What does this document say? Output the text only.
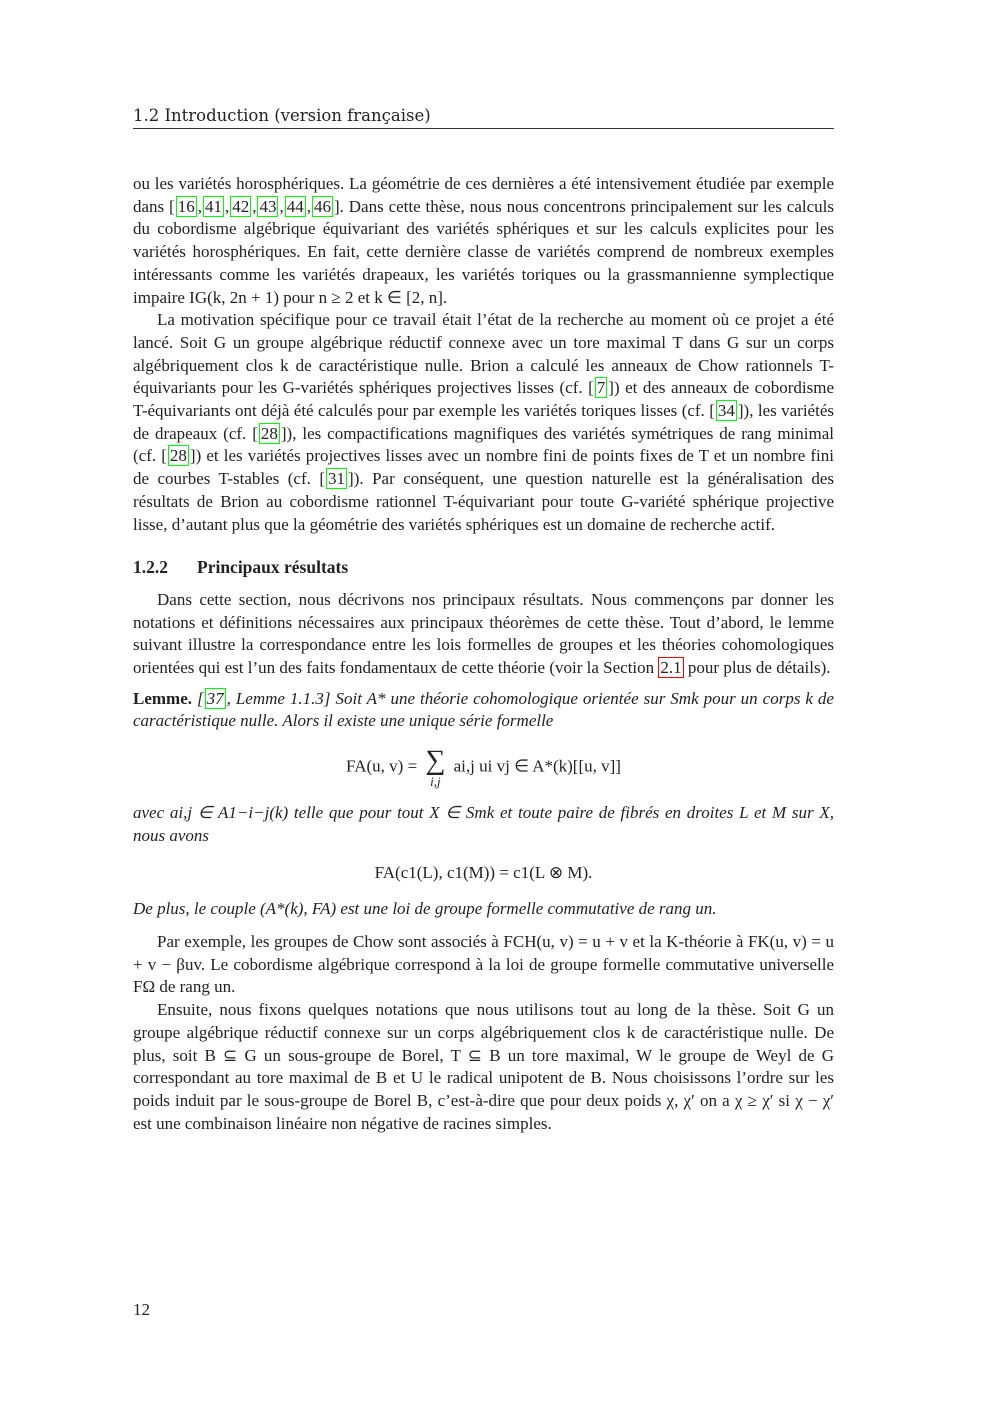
1.2 Introduction (version française)

ou les variétés horosphériques. La géométrie de ces dernières a été intensivement étudiée par exemple dans [ 16 , 41 , 42 , 43 , 44 , 46 ]. Dans cette thèse, nous nous concentrons principalement sur les calculs du cobordisme algébrique équivariant des variétés sphériques et sur les calculs explicites pour les variétés horosphériques. En fait, cette dernière classe de variétés comprend de nombreux exemples intéressants comme les variétés drapeaux, les variétés toriques ou la grassmannienne symplectique impaire IG(k, 2n + 1) pour n ≥ 2 et k ∈ [2, n].

La motivation spécifique pour ce travail était l’état de la recherche au moment où ce projet a été lancé. Soit G un groupe algébrique réductif connexe avec un tore maximal T dans G sur un corps algébriquement clos k de caractéristique nulle. Brion a calculé les anneaux de Chow rationnels T-équivariants pour les G-variétés sphériques projectives lisses (cf. [ 7 ]) et des anneaux de cobordisme T-équivariants ont déjà été calculés pour par exemple les variétés toriques lisses (cf. [ 34 ]), les variétés de drapeaux (cf. [ 28 ]), les compactifications magnifiques des variétés symétriques de rang minimal (cf. [ 28 ]) et les variétés projectives lisses avec un nombre fini de points fixes de T et un nombre fini de courbes T-stables (cf. [ 31 ]). Par conséquent, une question naturelle est la généralisation des résultats de Brion au cobordisme rationnel T-équivariant pour toute G-variété sphérique projective lisse, d’autant plus que la géométrie des variétés sphériques est un domaine de recherche actif.

1.2.2 Principaux résultats

Dans cette section, nous décrivons nos principaux résultats. Nous commençons par donner les notations et définitions nécessaires aux principaux théorèmes de cette thèse. Tout d’abord, le lemme suivant illustre la correspondance entre les lois formelles de groupes et les théories cohomologiques orientées qui est l’un des faits fondamentaux de cette théorie (voir la Section 2.1 pour plus de détails).

Lemme. [ 37 , Lemme 1.1.3] Soit A* une théorie cohomologique orientée sur Smk pour un corps k de caractéristique nulle. Alors il existe une unique série formelle

FA(u, v) = ∑
i,j
ai,j ui vj ∈ A*(k)[[u, v]]

avec ai,j ∈ A1−i−j(k) telle que pour tout X ∈ Smk et toute paire de fibrés en droites L et M sur X, nous avons

FA(c1(L), c1(M)) = c1(L ⊗ M).

De plus, le couple (A*(k), FA) est une loi de groupe formelle commutative de rang un.

Par exemple, les groupes de Chow sont associés à FCH(u, v) = u + v et la K-théorie à FK(u, v) = u + v − βuv. Le cobordisme algébrique correspond à la loi de groupe formelle commutative universelle FΩ de rang un.

Ensuite, nous fixons quelques notations que nous utilisons tout au long de la thèse. Soit G un groupe algébrique réductif connexe sur un corps algébriquement clos k de caractéristique nulle. De plus, soit B ⊆ G un sous-groupe de Borel, T ⊆ B un tore maximal, W le groupe de Weyl de G correspondant au tore maximal de B et U le radical unipotent de B. Nous choisissons l’ordre sur les poids induit par le sous-groupe de Borel B, c’est-à-dire que pour deux poids χ, χ′ on a χ ≥ χ′ si χ − χ′ est une combinaison linéaire non négative de racines simples.

12
